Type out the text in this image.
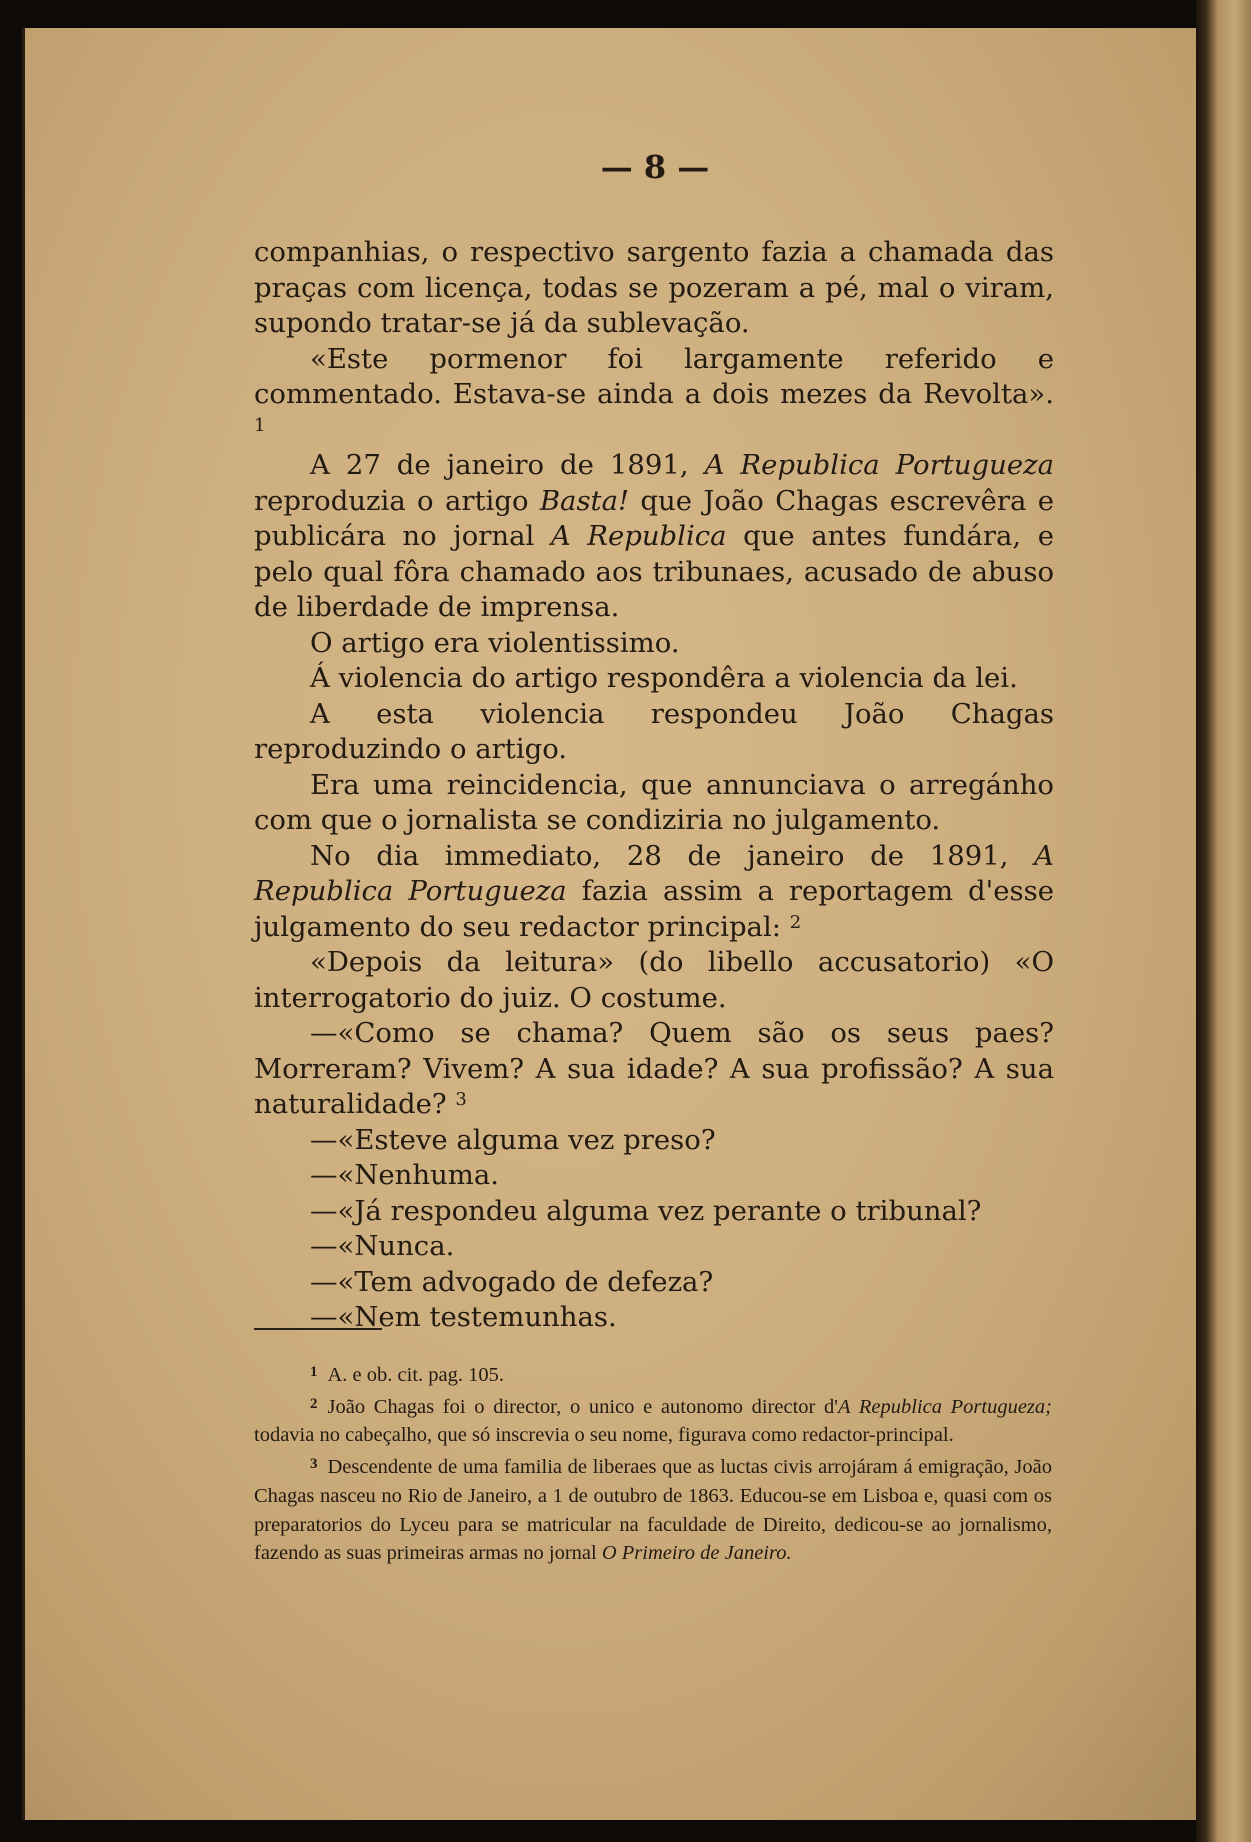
— 8 —

companhias, o respectivo sargento fazia a chamada das praças com licença, todas se pozeram a pé, mal o viram, supondo tratar-se já da sublevação.

«Este pormenor foi largamente referido e commentado. Estava-se ainda a dois mezes da Revolta». $^1$

A 27 de janeiro de 1891, A Republica Portugueza reproduzia o artigo Basta! que João Chagas escrevêra e publicára no jornal A Republica que antes fundára, e pelo qual fôra chamado aos tribunaes, acusado de abuso de liberdade de imprensa.

O artigo era violentissimo.

Á violencia do artigo respondêra a violencia da lei.

A esta violencia respondeu João Chagas reproduzindo o artigo.

Era uma reincidencia, que annunciava o arregánho com que o jornalista se condiziria no julgamento.

No dia immediato, 28 de janeiro de 1891, A Republica Portugueza fazia assim a reportagem d'esse julgamento do seu redactor principal: $^2$

«Depois da leitura» (do libello accusatorio) «O interrogatorio do juiz. O costume.

—«Como se chama? Quem são os seus paes? Morreram? Vivem? A sua idade? A sua profissão? A sua naturalidade? $^3$

—«Esteve alguma vez preso?

—«Nenhuma.

—«Já respondeu alguma vez perante o tribunal?

—«Nunca.

—«Tem advogado de defeza?

—«Nem testemunhas.

$^1$ A. e ob. cit. pag. 105.

$^2$ João Chagas foi o director, o unico e autonomo director d'A Republica Portugueza; todavia no cabeçalho, que só inscrevia o seu nome, figurava como redactor-principal.

$^3$ Descendente de uma familia de liberaes que as luctas civis arrojáram á emigração, João Chagas nasceu no Rio de Janeiro, a 1 de outubro de 1863. Educou-se em Lisboa e, quasi com os preparatorios do Lyceu para se matricular na faculdade de Direito, dedicou-se ao jornalismo, fazendo as suas primeiras armas no jornal O Primeiro de Janeiro.
